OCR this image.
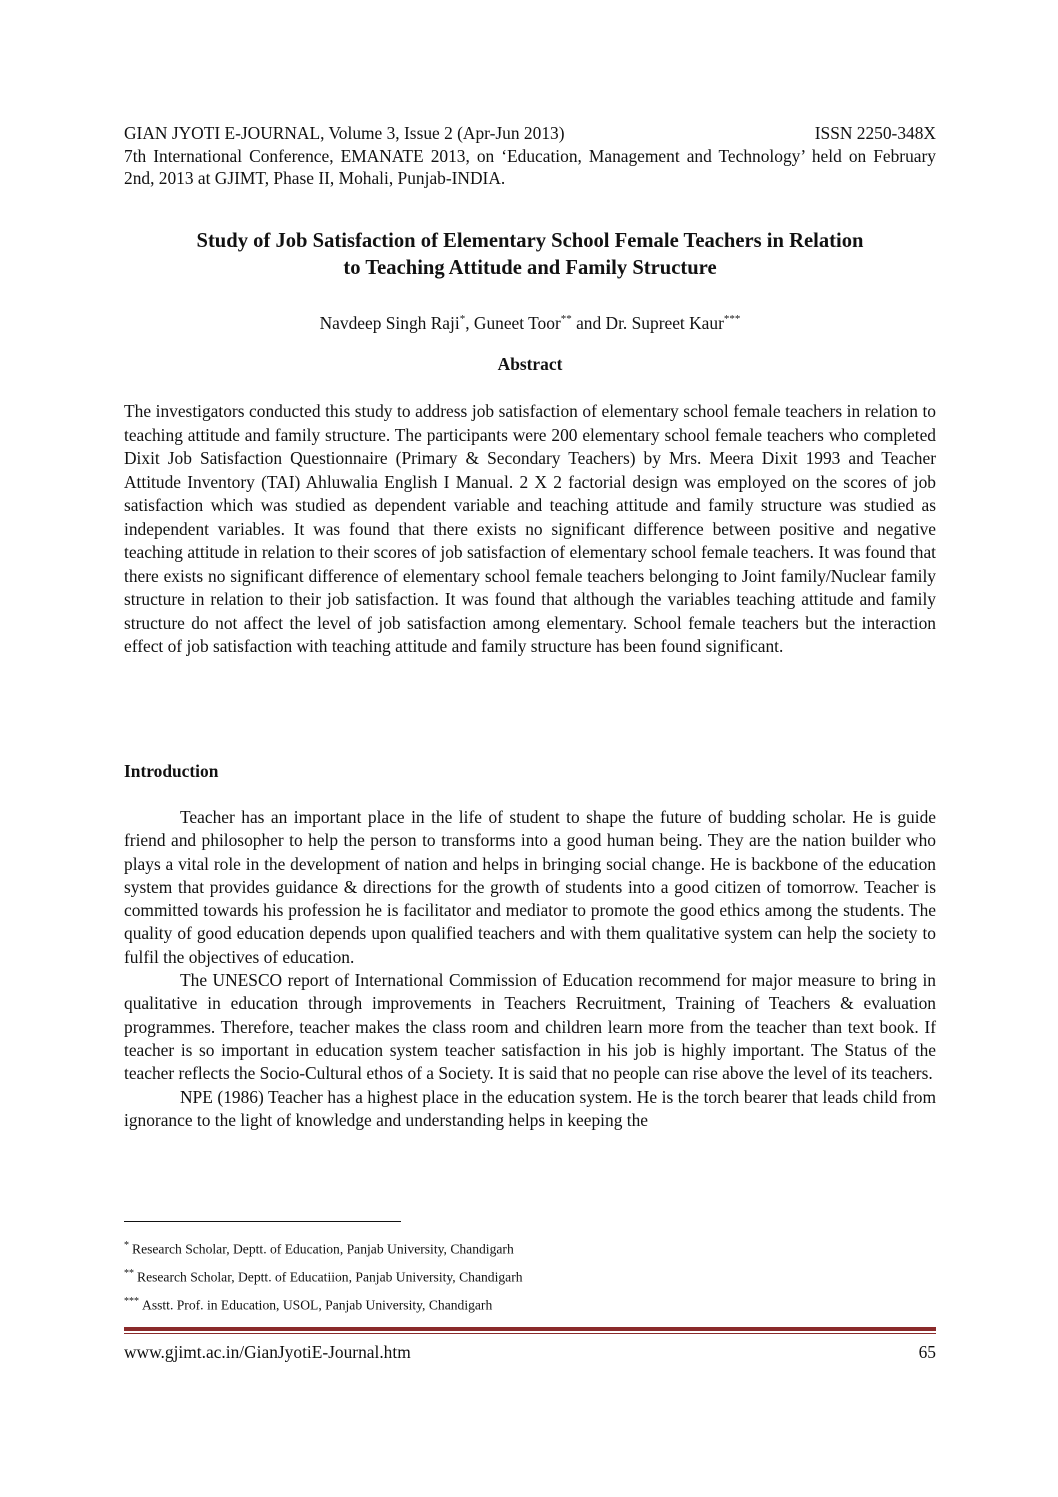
GIAN JYOTI E-JOURNAL, Volume 3, Issue 2 (Apr-Jun 2013)	ISSN 2250-348X
7th International Conference, EMANATE 2013, on ‘Education, Management and Technology’ held on February 2nd, 2013 at GJIMT, Phase II, Mohali, Punjab-INDIA.
Study of Job Satisfaction of Elementary School Female Teachers in Relation
to Teaching Attitude and Family Structure
Navdeep Singh Raji*, Guneet Toor** and Dr. Supreet Kaur***
Abstract
The investigators conducted this study to address job satisfaction of elementary school female teachers in relation to teaching attitude and family structure. The participants were 200 elementary school female teachers who completed Dixit Job Satisfaction Questionnaire (Primary & Secondary Teachers) by Mrs. Meera Dixit 1993 and Teacher Attitude Inventory (TAI) Ahluwalia English I Manual. 2 X 2 factorial design was employed on the scores of job satisfaction which was studied as dependent variable and teaching attitude and family structure was studied as independent variables. It was found that there exists no significant difference between positive and negative teaching attitude in relation to their scores of job satisfaction of elementary school female teachers. It was found that there exists no significant difference of elementary school female teachers belonging to Joint family/Nuclear family structure in relation to their job satisfaction. It was found that although the variables teaching attitude and family structure do not affect the level of job satisfaction among elementary. School female teachers but the interaction effect of job satisfaction with teaching attitude and family structure has been found significant.
Introduction

Teacher has an important place in the life of student to shape the future of budding scholar. He is guide friend and philosopher to help the person to transforms into a good human being. They are the nation builder who plays a vital role in the development of nation and helps in bringing social change. He is backbone of the education system that provides guidance & directions for the growth of students into a good citizen of tomorrow. Teacher is committed towards his profession he is facilitator and mediator to promote the good ethics among the students. The quality of good education depends upon qualified teachers and with them qualitative system can help the society to fulfil the objectives of education.

The UNESCO report of International Commission of Education recommend for major measure to bring in qualitative in education through improvements in Teachers Recruitment, Training of Teachers & evaluation programmes. Therefore, teacher makes the class room and children learn more from the teacher than text book. If teacher is so important in education system teacher satisfaction in his job is highly important. The Status of the teacher reflects the Socio-Cultural ethos of a Society. It is said that no people can rise above the level of its teachers.

NPE (1986) Teacher has a highest place in the education system. He is the torch bearer that leads child from ignorance to the light of knowledge and understanding helps in keeping the

* Research Scholar, Deptt. of Education, Panjab University, Chandigarh
** Research Scholar, Deptt. of Educatiion, Panjab University, Chandigarh
*** Asstt. Prof. in Education, USOL, Panjab University, Chandigarh
www.gjimt.ac.in/GianJyotiE-Journal.htm	65
